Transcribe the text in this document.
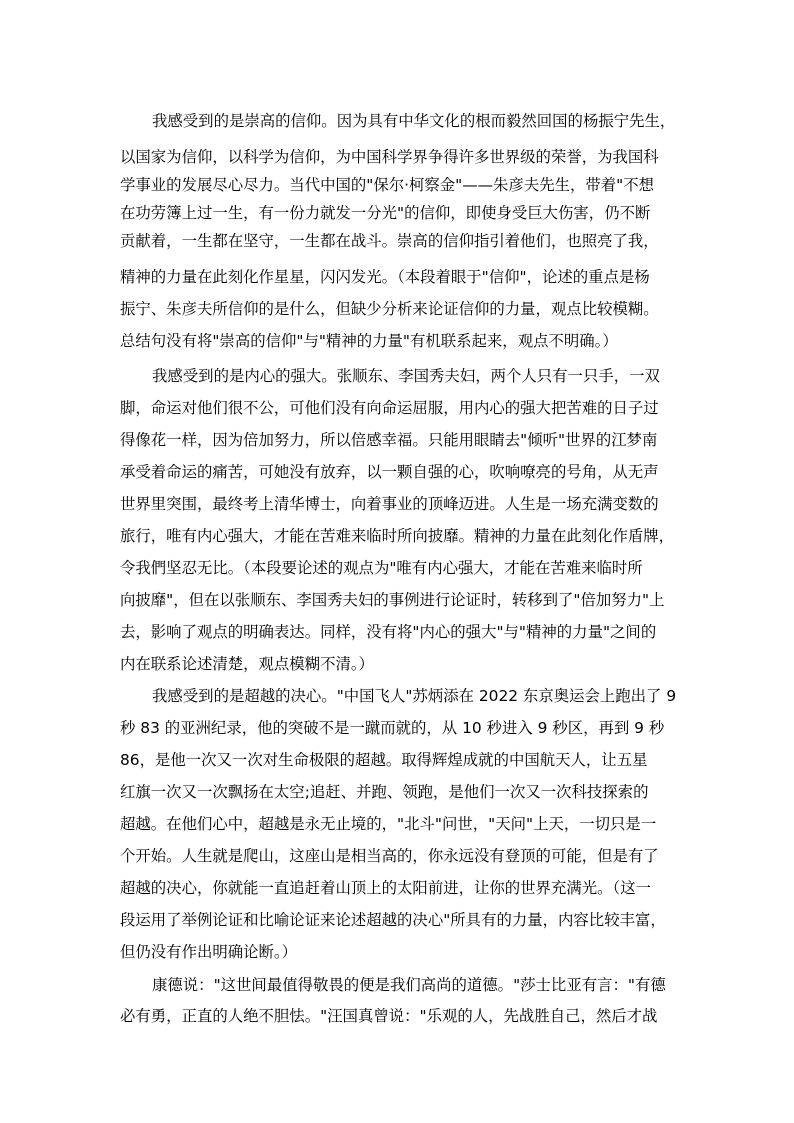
我感受到的是崇高的信仰。因为具有中华文化的根而毅然回国的杨振宁先生，
以国家为信仰，以科学为信仰，为中国科学界争得许多世界级的荣誉，为我国科
学事业的发展尽心尽力。当代中国的"保尔·柯察金"——朱彦夫先生，带着"不想
在功劳簿上过一生，有一份力就发一分光"的信仰，即使身受巨大伤害，仍不断
贡献着，一生都在坚守，一生都在战斗。崇高的信仰指引着他们，也照亮了我，
精神的力量在此刻化作星星，闪闪发光。（本段着眼于"信仰"，论述的重点是杨
振宁、朱彦夫所信仰的是什么，但缺少分析来论证信仰的力量，观点比较模糊。
总结句没有将"崇高的信仰"与"精神的力量"有机联系起来，观点不明确。）
我感受到的是内心的强大。张顺东、李国秀夫妇，两个人只有一只手，一双
脚，命运对他们很不公，可他们没有向命运屈服，用内心的强大把苦难的日子过
得像花一样，因为倍加努力，所以倍感幸福。只能用眼睛去"倾听"世界的江梦南
承受着命运的痛苦，可她没有放弃，以一颗自强的心，吹响嘹亮的号角，从无声
世界里突围，最终考上清华博士，向着事业的顶峰迈进。人生是一场充满变数的
旅行，唯有内心强大，才能在苦难来临时所向披靡。精神的力量在此刻化作盾牌，
令我們坚忍无比。（本段要论述的观点为"唯有内心强大，才能在苦难来临时所
向披靡"，但在以张顺东、李国秀夫妇的事例进行论证时，转移到了"倍加努力"上
去，影响了观点的明确表达。同样，没有将"内心的强大"与"精神的力量"之间的
内在联系论述清楚，观点模糊不清。）
我感受到的是超越的决心。"中国飞人"苏炳添在 2022 东京奥运会上跑出了 9
秒 83 的亚洲纪录，他的突破不是一蹴而就的，从 10 秒进入 9 秒区，再到 9 秒
86，是他一次又一次对生命极限的超越。取得辉煌成就的中国航天人，让五星
红旗一次又一次飘扬在太空;追赶、并跑、领跑，是他们一次又一次科技探索的
超越。在他们心中，超越是永无止境的，"北斗"问世，"天问"上天，一切只是一
个开始。人生就是爬山，这座山是相当高的，你永远没有登顶的可能，但是有了
超越的决心，你就能一直追赶着山顶上的太阳前进，让你的世界充满光。（这一
段运用了举例论证和比喻论证来论述超越的决心"所具有的力量，内容比较丰富，
但仍没有作出明确论断。）
康德说："这世间最值得敬畏的便是我们高尚的道德。"莎士比亚有言："有德
必有勇，正直的人绝不胆怯。"汪国真曾说："乐观的人，先战胜自己，然后才战
